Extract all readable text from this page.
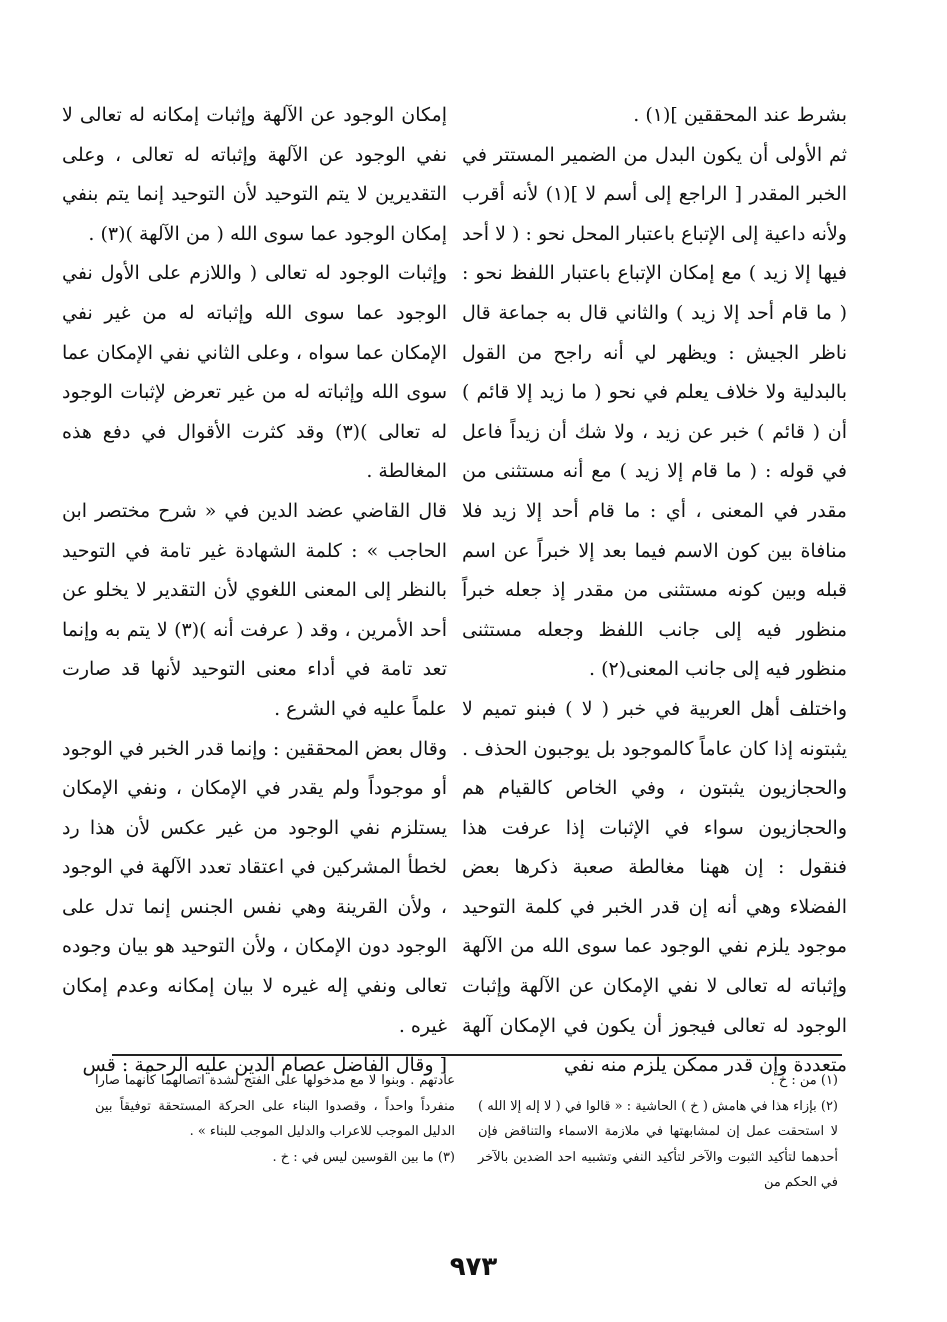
بشرط عند المحققين ](١) .

ثم الأولى أن يكون البدل من الضمير المستتر في الخبر المقدر [ الراجع إلى أسم لا ](١) لأنه أقرب ولأنه داعية إلى الإتباع باعتبار المحل نحو : ( لا أحد فيها إلا زيد ) مع إمكان الإتباع باعتبار اللفظ نحو : ( ما قام أحد إلا زيد ) والثاني قال به جماعة قال ناظر الجيش : ويظهر لي أنه راجح من القول بالبدلية ولا خلاف يعلم في نحو ( ما زيد إلا قائم ) أن ( قائم ) خبر عن زيد ، ولا شك أن زيداً فاعل في قوله : ( ما قام إلا زيد ) مع أنه مستثنى من مقدر في المعنى ، أي : ما قام أحد إلا زيد فلا منافاة بين كون الاسم فيما بعد إلا خبراً عن اسم قبله وبين كونه مستثنى من مقدر إذ جعله خبراً منظور فيه إلى جانب اللفظ وجعله مستثنى منظور فيه إلى جانب المعنى(٢) .

واختلف أهل العربية في خبر ( لا ) فبنو تميم لا يثبتونه إذا كان عاماً كالموجود بل يوجبون الحذف . والحجازيون يثبتون ، وفي الخاص كالقيام هم والحجازيون سواء في الإثبات إذا عرفت هذا فنقول : إن ههنا مغالطة صعبة ذكرها بعض الفضلاء وهي أنه إن قدر الخبر في كلمة التوحيد موجود يلزم نفي الوجود عما سوى الله من الآلهة وإثباته له تعالى لا نفي الإمكان عن الآلهة وإثبات الوجود له تعالى فيجوز أن يكون في الإمكان آلهة متعددة وإن قدر ممكن يلزم منه نفي

إمكان الوجود عن الآلهة وإثبات إمكانه له تعالى لا نفي الوجود عن الآلهة وإثباته له تعالى ، وعلى التقديرين لا يتم التوحيد لأن التوحيد إنما يتم بنفي إمكان الوجود عما سوى الله ( من الآلهة )(٣) .

وإثبات الوجود له تعالى ( واللازم على الأول نفي الوجود عما سوى الله وإثباته له من غير نفي الإمكان عما سواه ، وعلى الثاني نفي الإمكان عما سوى الله وإثباته له من غير تعرض لإثبات الوجود له تعالى )(٣) وقد كثرت الأقوال في دفع هذه المغالطة .

قال القاضي عضد الدين في « شرح مختصر ابن الحاجب » : كلمة الشهادة غير تامة في التوحيد بالنظر إلى المعنى اللغوي لأن التقدير لا يخلو عن أحد الأمرين ، وقد ( عرفت أنه )(٣) لا يتم به وإنما تعد تامة في أداء معنى التوحيد لأنها قد صارت علماً عليه في الشرع .

وقال بعض المحققين : وإنما قدر الخبر في الوجود أو موجوداً ولم يقدر في الإمكان ، ونفي الإمكان يستلزم نفي الوجود من غير عكس لأن هذا رد لخطأ المشركين في اعتقاد تعدد الآلهة في الوجود ، ولأن القرينة وهي نفس الجنس إنما تدل على الوجود دون الإمكان ، ولأن التوحيد هو بيان وجوده تعالى ونفي إله غيره لا بيان إمكانه وعدم إمكان غيره .

[ وقال الفاضل عصام الدين عليه الرحمة : قس

(١) من : خ .

(٢) بإزاء هذا في هامش ( خ ) الحاشية : « قالوا في ( لا إله إلا الله ) لا استحقت عمل إن لمشابهتها في ملازمة الاسماء والتناقض فإن أحدهما لتأكيد الثبوت والآخر لتأكيد النفي وتشبيه احد الضدين بالآخر في الحكم من

عادتهم . وبنوا لا مع مدخولها على الفتح لشدة اتصالهما كأنهما صارا منفرداً واحداً ، وقصدوا البناء على الحركة المستحقة توفيقاً بين الدليل الموجب للاعراب والدليل الموجب للبناء » .

(٣) ما بين القوسين ليس في : خ .

٩٧٣
